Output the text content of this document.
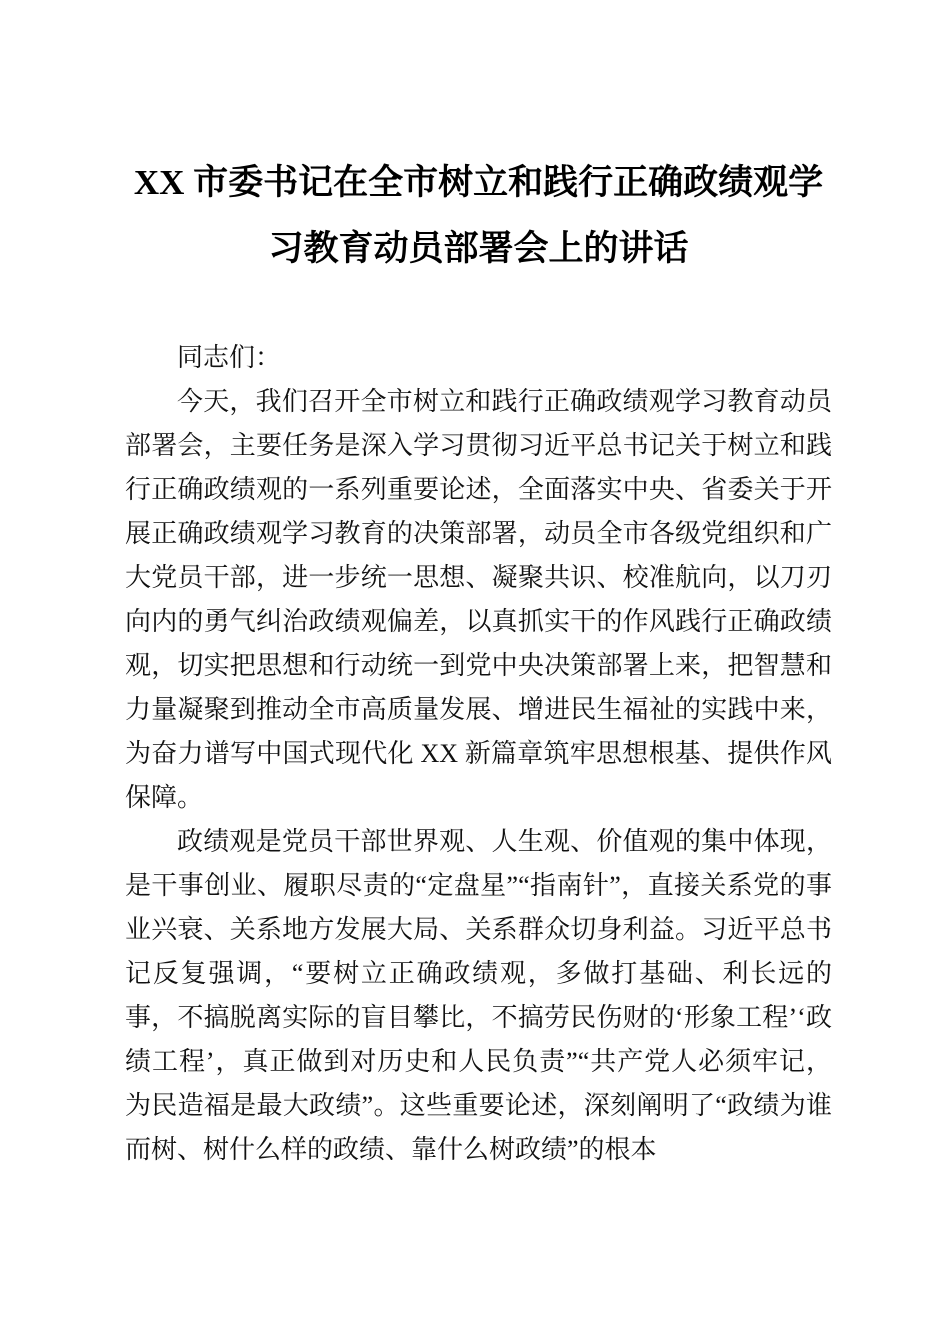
XX 市委书记在全市树立和践行正确政绩观学习教育动员部署会上的讲话

同志们：

今天，我们召开全市树立和践行正确政绩观学习教育动员部署会，主要任务是深入学习贯彻习近平总书记关于树立和践行正确政绩观的一系列重要论述，全面落实中央、省委关于开展正确政绩观学习教育的决策部署，动员全市各级党组织和广大党员干部，进一步统一思想、凝聚共识、校准航向，以刀刃向内的勇气纠治政绩观偏差，以真抓实干的作风践行正确政绩观，切实把思想和行动统一到党中央决策部署上来，把智慧和力量凝聚到推动全市高质量发展、增进民生福祉的实践中来，为奋力谱写中国式现代化 XX 新篇章筑牢思想根基、提供作风保障。

政绩观是党员干部世界观、人生观、价值观的集中体现，是干事创业、履职尽责的“定盘星”“指南针”，直接关系党的事业兴衰、关系地方发展大局、关系群众切身利益。习近平总书记反复强调，“要树立正确政绩观，多做打基础、利长远的事，不搞脱离实际的盲目攀比，不搞劳民伤财的‘形象工程’‘政绩工程’，真正做到对历史和人民负责”“共产党人必须牢记，为民造福是最大政绩”。这些重要论述，深刻阐明了“政绩为谁而树、树什么样的政绩、靠什么树政绩”的根本
